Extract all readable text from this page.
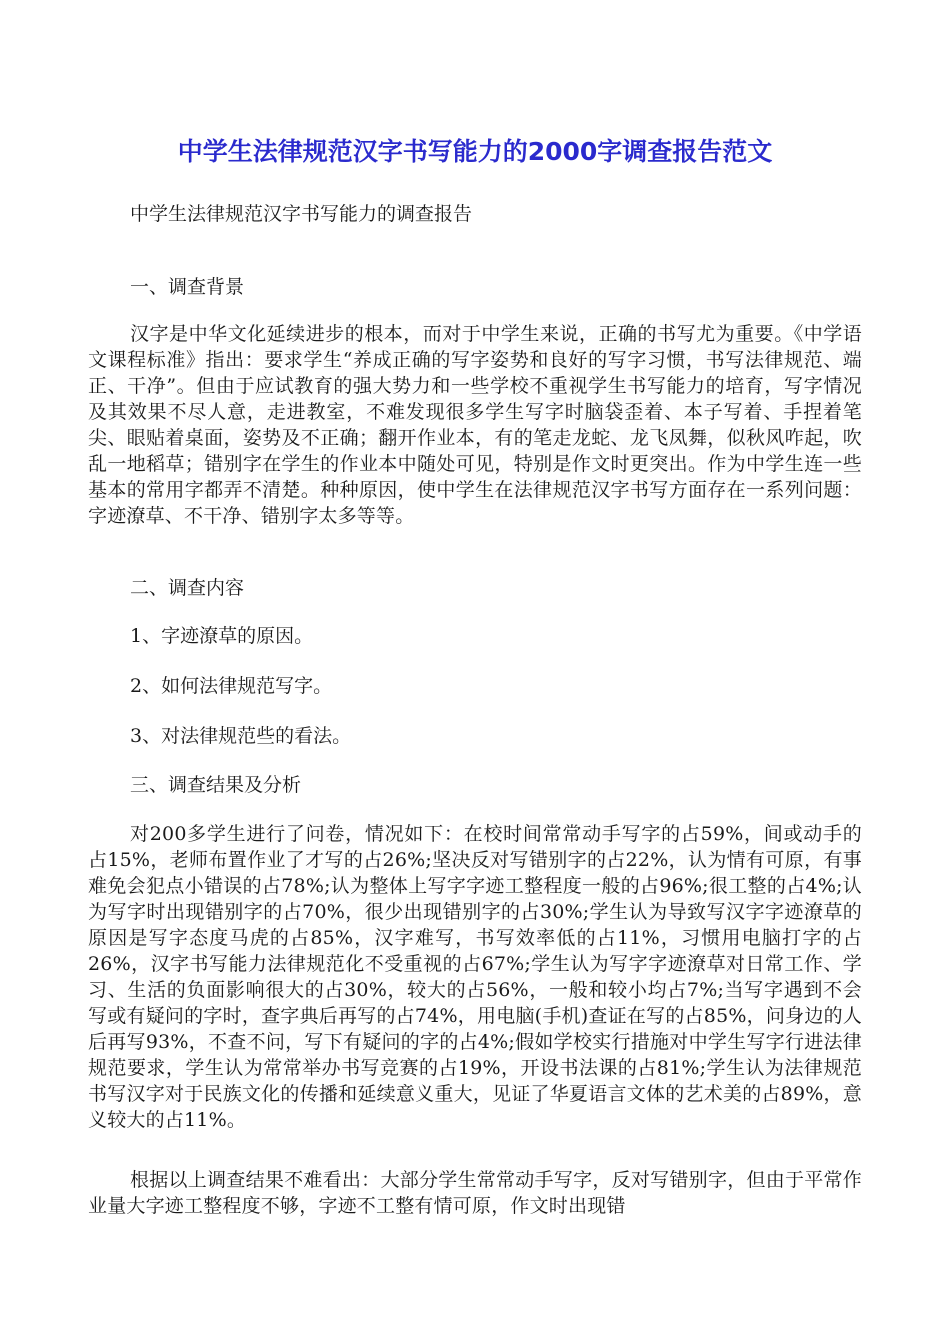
中学生法律规范汉字书写能力的2000字调查报告范文

中学生法律规范汉字书写能力的调查报告

一、调查背景

汉字是中华文化延续进步的根本，而对于中学生来说，正确的书写尤为重要。《中学语文课程标准》指出：要求学生“养成正确的写字姿势和良好的写字习惯，书写法律规范、端正、干净”。但由于应试教育的强大势力和一些学校不重视学生书写能力的培育，写字情况及其效果不尽人意，走进教室，不难发现很多学生写字时脑袋歪着、本子写着、手捏着笔尖、眼贴着桌面，姿势及不正确；翻开作业本，有的笔走龙蛇、龙飞凤舞，似秋风咋起，吹乱一地稻草；错别字在学生的作业本中随处可见，特别是作文时更突出。作为中学生连一些基本的常用字都弄不清楚。种种原因，使中学生在法律规范汉字书写方面存在一系列问题：字迹潦草、不干净、错别字太多等等。

二、调查内容

1、字迹潦草的原因。

2、如何法律规范写字。

3、对法律规范些的看法。

三、调查结果及分析

对200多学生进行了问卷，情况如下：在校时间常常动手写字的占59%，间或动手的占15%，老师布置作业了才写的占26%;坚决反对写错别字的占22%，认为情有可原，有事难免会犯点小错误的占78%;认为整体上写字字迹工整程度一般的占96%;很工整的占4%;认为写字时出现错别字的占70%，很少出现错别字的占30%;学生认为导致写汉字字迹潦草的原因是写字态度马虎的占85%，汉字难写，书写效率低的占11%，习惯用电脑打字的占26%，汉字书写能力法律规范化不受重视的占67%;学生认为写字字迹潦草对日常工作、学习、生活的负面影响很大的占30%，较大的占56%，一般和较小均占7%;当写字遇到不会写或有疑问的字时，查字典后再写的占74%，用电脑(手机)查证在写的占85%，问身边的人后再写93%，不查不问，写下有疑问的字的占4%;假如学校实行措施对中学生写字行进法律规范要求，学生认为常常举办书写竞赛的占19%，开设书法课的占81%;学生认为法律规范书写汉字对于民族文化的传播和延续意义重大，见证了华夏语言文体的艺术美的占89%，意义较大的占11%。

根据以上调查结果不难看出：大部分学生常常动手写字，反对写错别字，但由于平常作业量大字迹工整程度不够，字迹不工整有情可原，作文时出现错
